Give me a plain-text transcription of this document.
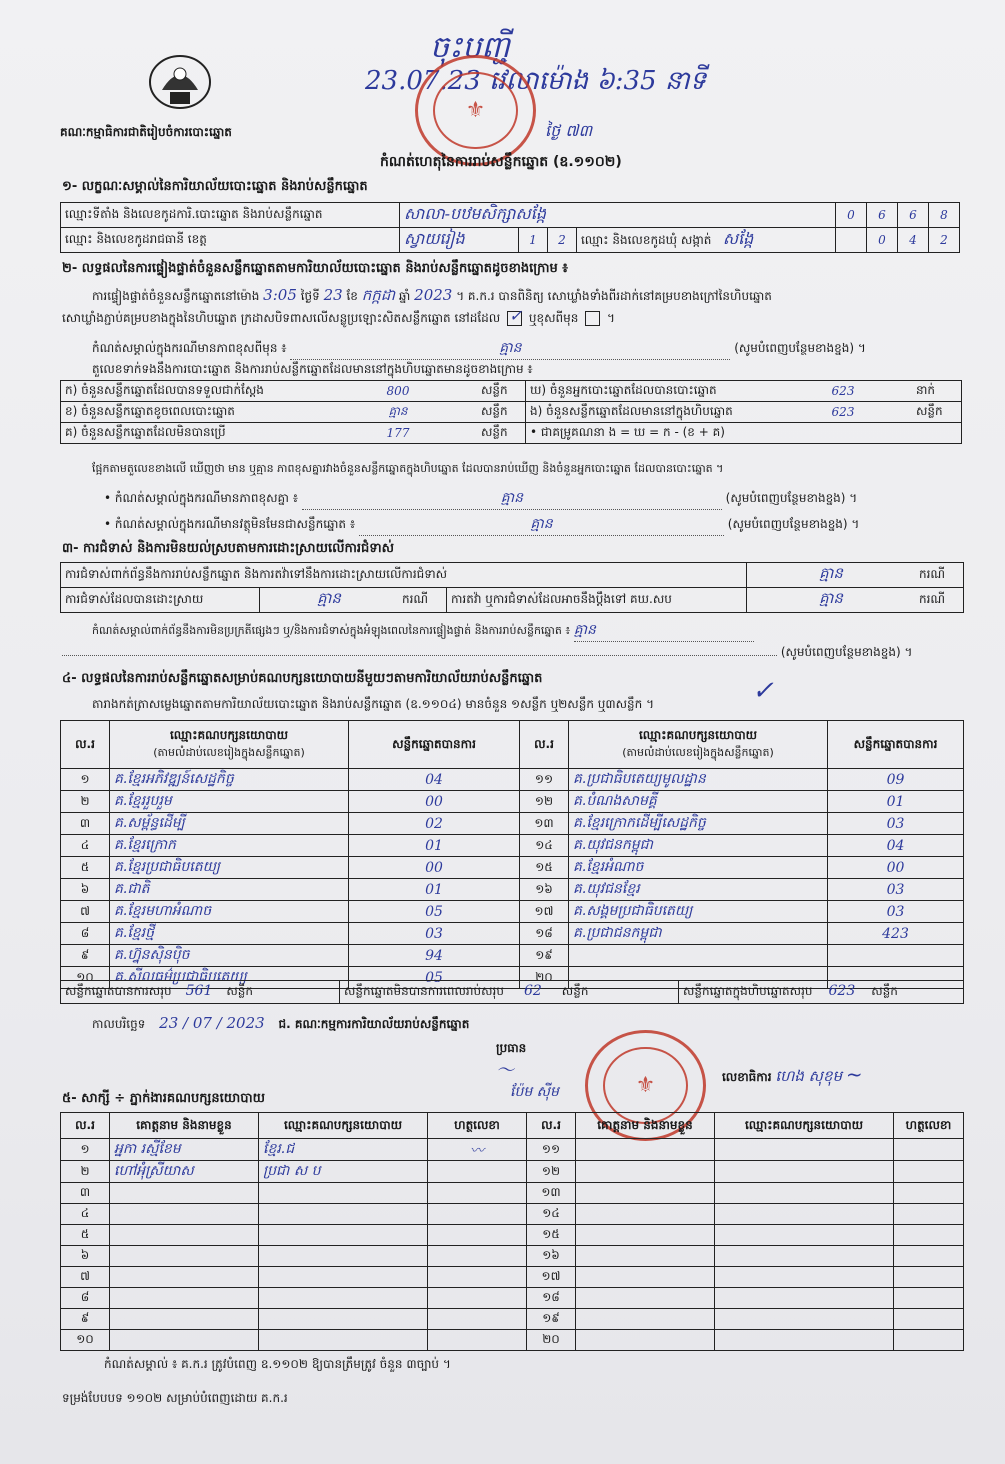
គណៈកម្មាធិការជាតិរៀបចំការបោះឆ្នោត
ចុះបញ្ជី
23.07.23 វេលាម៉ោង ៦:35 នាទី
ថ្ងៃ ៧៣
⚜
កំណត់ហេតុនៃការរាប់សន្លឹកឆ្នោត (ឧ.១១០២)
១- លក្ខណៈសម្គាល់នៃការិយាល័យបោះឆ្នោត និងរាប់សន្លឹកឆ្នោត
ឈ្មោះទីតាំង និងលេខកូដការិ.បោះឆ្នោត និងរាប់សន្លឹកឆ្នោត	សាលា-បឋមសិក្សាសង្កែ				0	6	6	8
ឈ្មោះ និងលេខកូដរាជធានី ខេត្ត	ស្វាយរៀង	1	2	ឈ្មោះ និងលេខកូដឃុំ សង្កាត់ សង្កែ		0	4	2
២- លទ្ធផលនៃការផ្ទៀងផ្ទាត់ចំនួនសន្លឹកឆ្នោតតាមការិយាល័យបោះឆ្នោត និងរាប់សន្លឹកឆ្នោតដូចខាងក្រោម ៖
ការផ្ទៀងផ្ទាត់ចំនួនសន្លឹកឆ្នោតនៅម៉ោង 3:05 ថ្ងៃទី 23 ខែ កក្កដា ឆ្នាំ 2023 ។ គ.ក.រ បានពិនិត្យ សោឃ្លាំងទាំងពីរដាក់នៅគម្របខាងក្រៅនៃហិបឆ្នោត
សោឃ្លាំងភ្ជាប់គម្របខាងក្នុងនៃហិបឆ្នោត ក្រដាសបិទពាសលើសន្លូប្រឡោះសិតសន្លឹកឆ្នោត នៅដដែល ✓ ឬខុសពីមុន  ។
កំណត់សម្គាល់ក្នុងករណីមានភាពខុសពីមុន ៖	គ្មាន	(សូមបំពេញបន្ថែមខាងខ្នង) ។
តួលេខទាក់ទងនឹងការបោះឆ្នោត និងការរាប់សន្លឹកឆ្នោតដែលមាននៅក្នុងហិបឆ្នោតមានដូចខាងក្រោម ៖
ក) ចំនួនសន្លឹកឆ្នោតដែលបានទទួលជាក់ស្តែង	800	សន្លឹក	ឃ) ចំនួនអ្នកបោះឆ្នោតដែលបានបោះឆ្នោត	623	នាក់
ខ) ចំនួនសន្លឹកឆ្នោតខូចពេលបោះឆ្នោត	គ្មាន	សន្លឹក	ង) ចំនួនសន្លឹកឆ្នោតដែលមាននៅក្នុងហិបឆ្នោត	623	សន្លឹក
គ) ចំនួនសន្លឹកឆ្នោតដែលមិនបានប្រើ	177	សន្លឹក	• ជាគម្រូគណនា ង = ឃ = ក - (ខ + គ)		
ផ្អែកតាមតួលេខខាងលើ ឃើញថា មាន ឬគ្មាន ភាពខុសគ្នារវាងចំនួនសន្លឹកឆ្នោតក្នុងហិបឆ្នោត ដែលបានរាប់ឃើញ និងចំនួនអ្នកបោះឆ្នោត ដែលបានបោះឆ្នោត ។
• កំណត់សម្គាល់ក្នុងករណីមានភាពខុសគ្នា ៖	គ្មាន	(សូមបំពេញបន្ថែមខាងខ្នង) ។
• កំណត់សម្គាល់ក្នុងករណីមានវត្ថុមិនមែនជាសន្លឹកឆ្នោត ៖	គ្មាន	(សូមបំពេញបន្ថែមខាងខ្នង) ។
៣- ការជំទាស់ និងការមិនយល់ស្របតាមការដោះស្រាយលើការជំទាស់
ការជំទាស់ពាក់ព័ន្ធនឹងការរាប់សន្លឹកឆ្នោត និងការតវ៉ាទៅនឹងការដោះស្រាយលើការជំទាស់				គ្មាន	ករណី
ការជំទាស់ដែលបានដោះស្រាយ	គ្មាន	ករណី	ការតវ៉ា ឬការជំទាស់ដែលអាចនឹងប្តឹងទៅ គឃ.សប	គ្មាន	ករណី
កំណត់សម្គាល់ពាក់ព័ន្ធនឹងការមិនប្រក្រតីផ្សេងៗ ឬ/និងការជំទាស់ក្នុងអំឡុងពេលនៃការផ្ទៀងផ្ទាត់ និងការរាប់សន្លឹកឆ្នោត ៖ គ្មាន
(សូមបំពេញបន្ថែមខាងខ្នង) ។
៤- លទ្ធផលនៃការរាប់សន្លឹកឆ្នោតសម្រាប់គណបក្សនយោបាយនីមួយៗតាមការិយាល័យរាប់សន្លឹកឆ្នោត
តារាងកត់ត្រាសម្លេងឆ្នោតតាមការិយាល័យបោះឆ្នោត និងរាប់សន្លឹកឆ្នោត (ឧ.១១០៤) មានចំនួន ១សន្លឹក ឬ២សន្លឹក ឬ៣សន្លឹក ។	✓
ល.រ	ឈ្មោះគណបក្សនយោបាយ
(តាមលំដាប់លេខរៀងក្នុងសន្លឹកឆ្នោត)	សន្លឹកឆ្នោតបានការ	ល.រ	ឈ្មោះគណបក្សនយោបាយ
(តាមលំដាប់លេខរៀងក្នុងសន្លឹកឆ្នោត)	សន្លឹកឆ្នោតបានការ
១	គ.ខ្មែរអភិវឌ្ឍន៍សេដ្ឋកិច្ច	04	១១	គ.ប្រជាធិបតេយ្យមូលដ្ឋាន	09
២	គ.ខ្មែររួបរួម	00	១២	គ.បំណងសាមគ្គី	01
៣	គ.សម្ព័ន្ធដើម្បី	02	១៣	គ.ខ្មែរក្រោកដើម្បីសេដ្ឋកិច្ច	03
៤	គ.ខ្មែរក្រោក	01	១៤	គ.យុវជនកម្ពុជា	04
៥	គ.ខ្មែរប្រជាធិបតេយ្យ	00	១៥	គ.ខ្មែរអំណាច	00
៦	គ.ជាតិ	01	១៦	គ.យុវជនខ្មែរ	03
៧	គ.ខ្មែរមហាអំណាច	05	១៧	គ.សង្គមប្រជាធិបតេយ្យ	03
៨	គ.ខ្មែរថ្មី	03	១៨	គ.ប្រជាជនកម្ពុជា	423
៩	គ.ហ្វ៊ុនស៊ិនប៉ិច	94	១៩		
១០	គ.សីលធម៌ប្រជាធិបតេយ្យ	05	២០		
សន្លឹកឆ្នោតបានការសរុប 561 សន្លឹក	សន្លឹកឆ្នោតមិនបានការពេលរាប់សរុប 62 សន្លឹក	សន្លឹកឆ្នោតក្នុងហិបឆ្នោតសរុប 623 សន្លឹក
កាលបរិច្ឆេទ 23 / 07 / 2023 ជ. គណៈកម្មការការិយាល័យរាប់សន្លឹកឆ្នោត
ប្រធាន
〜
ប៉ែម ស៊ីម	⚜	លេខាធិការ ហេង សុខុម ~
៥- សាក្សី ÷ ភ្នាក់ងារគណបក្សនយោបាយ
ល.រ	គោត្តនាម និងនាមខ្លួន	ឈ្មោះគណបក្សនយោបាយ	ហត្ថលេខា	ល.រ	គោត្តនាម និងនាមខ្លួន	ឈ្មោះគណបក្សនយោបាយ	ហត្ថលេខា
១	អ្នកា រស្មីខែម	ខ្មែរ.ជ	〰	១១			
២	ហៅអុំស្រីយាស	ប្រជា ស ប		១២			
៣				១៣			
៤				១៤			
៥				១៥			
៦				១៦			
៧				១៧			
៨				១៨			
៩				១៩			
១០				២០			
កំណត់សម្គាល់ ៖ គ.ក.រ ត្រូវបំពេញ ឧ.១១០២ ឱ្យបានត្រឹមត្រូវ ចំនួន ៣ច្បាប់ ។
ទម្រង់បែបបទ ១១០២ សម្រាប់បំពេញដោយ គ.ក.រ
